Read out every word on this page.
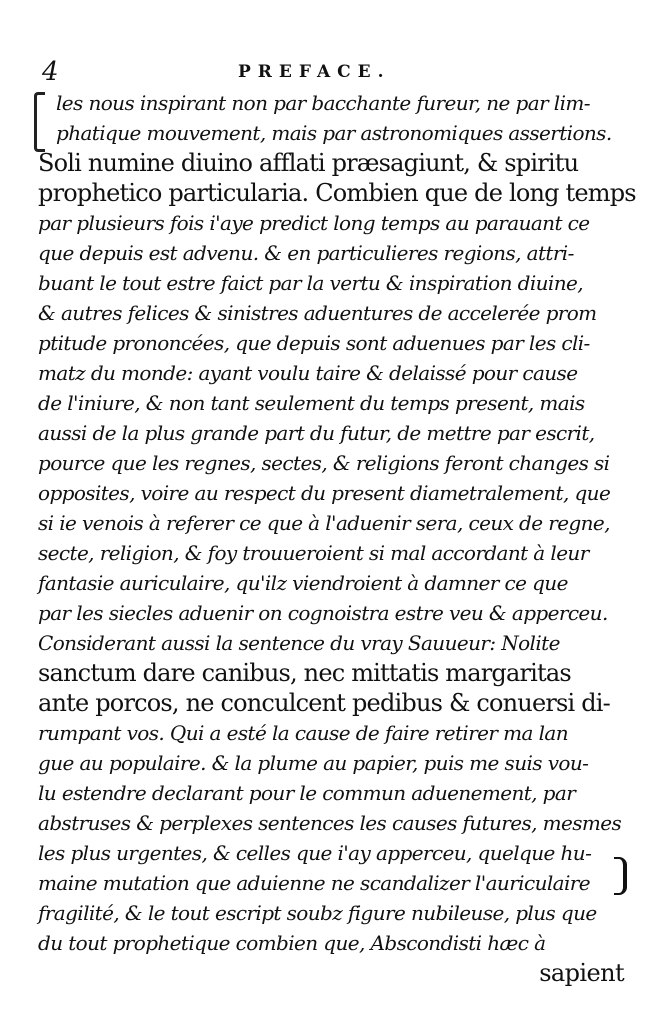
4	PREFACE.
les nous inspirant non par bacchante fureur, ne par lim-
phatique mouvement, mais par astronomiques assertions.
Soli numine diuino afflati præsagiunt, & spiritu
prophetico particularia. Combien que de long temps
par plusieurs fois i'aye predict long temps au parauant ce
que depuis est advenu. & en particulieres regions, attri-
buant le tout estre faict par la vertu & inspiration diuine,
& autres felices & sinistres aduentures de accelerée prom
ptitude prononcées, que depuis sont aduenues par les cli-
matz du monde: ayant voulu taire & delaissé pour cause
de l'iniure, & non tant seulement du temps present, mais
aussi de la plus grande part du futur, de mettre par escrit,
pource que les regnes, sectes, & religions feront changes si
opposites, voire au respect du present diametralement, que
si ie venois à referer ce que à l'aduenir sera, ceux de regne,
secte, religion, & foy trouueroient si mal accordant à leur
fantasie auriculaire, qu'ilz viendroient à damner ce que
par les siecles aduenir on cognoistra estre veu & apperceu.
Considerant aussi la sentence du vray Sauueur: Nolite
sanctum dare canibus, nec mittatis margaritas
ante porcos, ne conculcent pedibus & conuersi di-
rumpant vos. Qui a esté la cause de faire retirer ma lan
gue au populaire. & la plume au papier, puis me suis vou-
lu estendre declarant pour le commun aduenement, par
abstruses & perplexes sentences les causes futures, mesmes
les plus urgentes, & celles que i'ay apperceu, quelque hu-
maine mutation que aduienne ne scandalizer l'auriculaire
fragilité, & le tout escript soubz figure nubileuse, plus que
du tout prophetique combien que, Abscondisti hæc à
sapient
